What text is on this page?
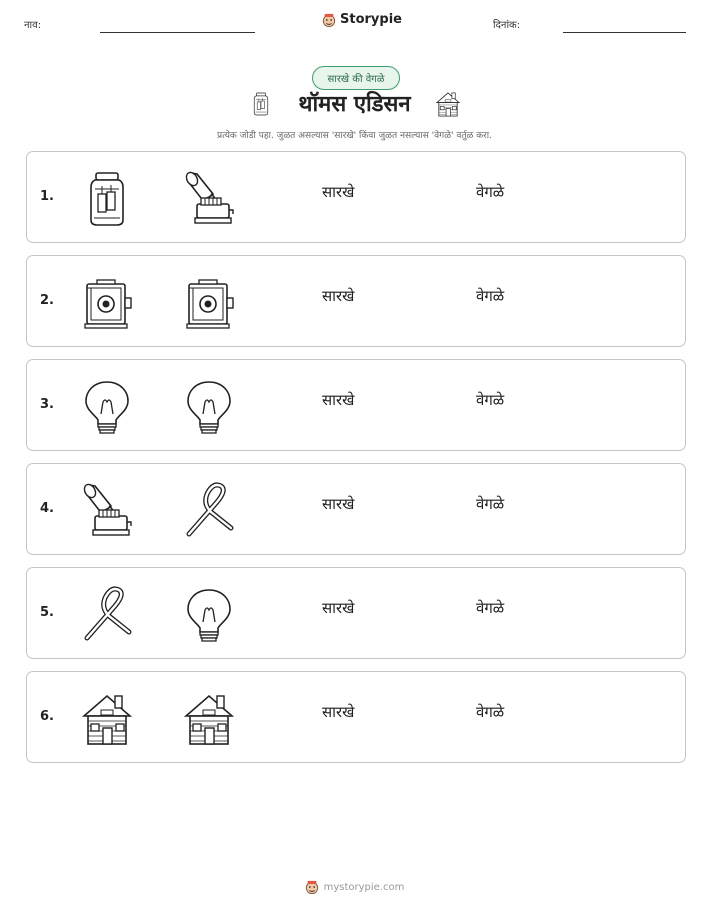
नाव:	Storypie	दिनांक:
सारखे की वेगळे
थॉमस एडिसन
प्रत्येक जोडी पहा. जुळत असल्यास 'सारखे' किंवा जुळत नसल्यास 'वेगळे' वर्तुळ करा.
1.	सारखे	वेगळे
2.	सारखे	वेगळे
3.	सारखे	वेगळे
4.	सारखे	वेगळे
5.	सारखे	वेगळे
6.	सारखे	वेगळे
mystorypie.com
